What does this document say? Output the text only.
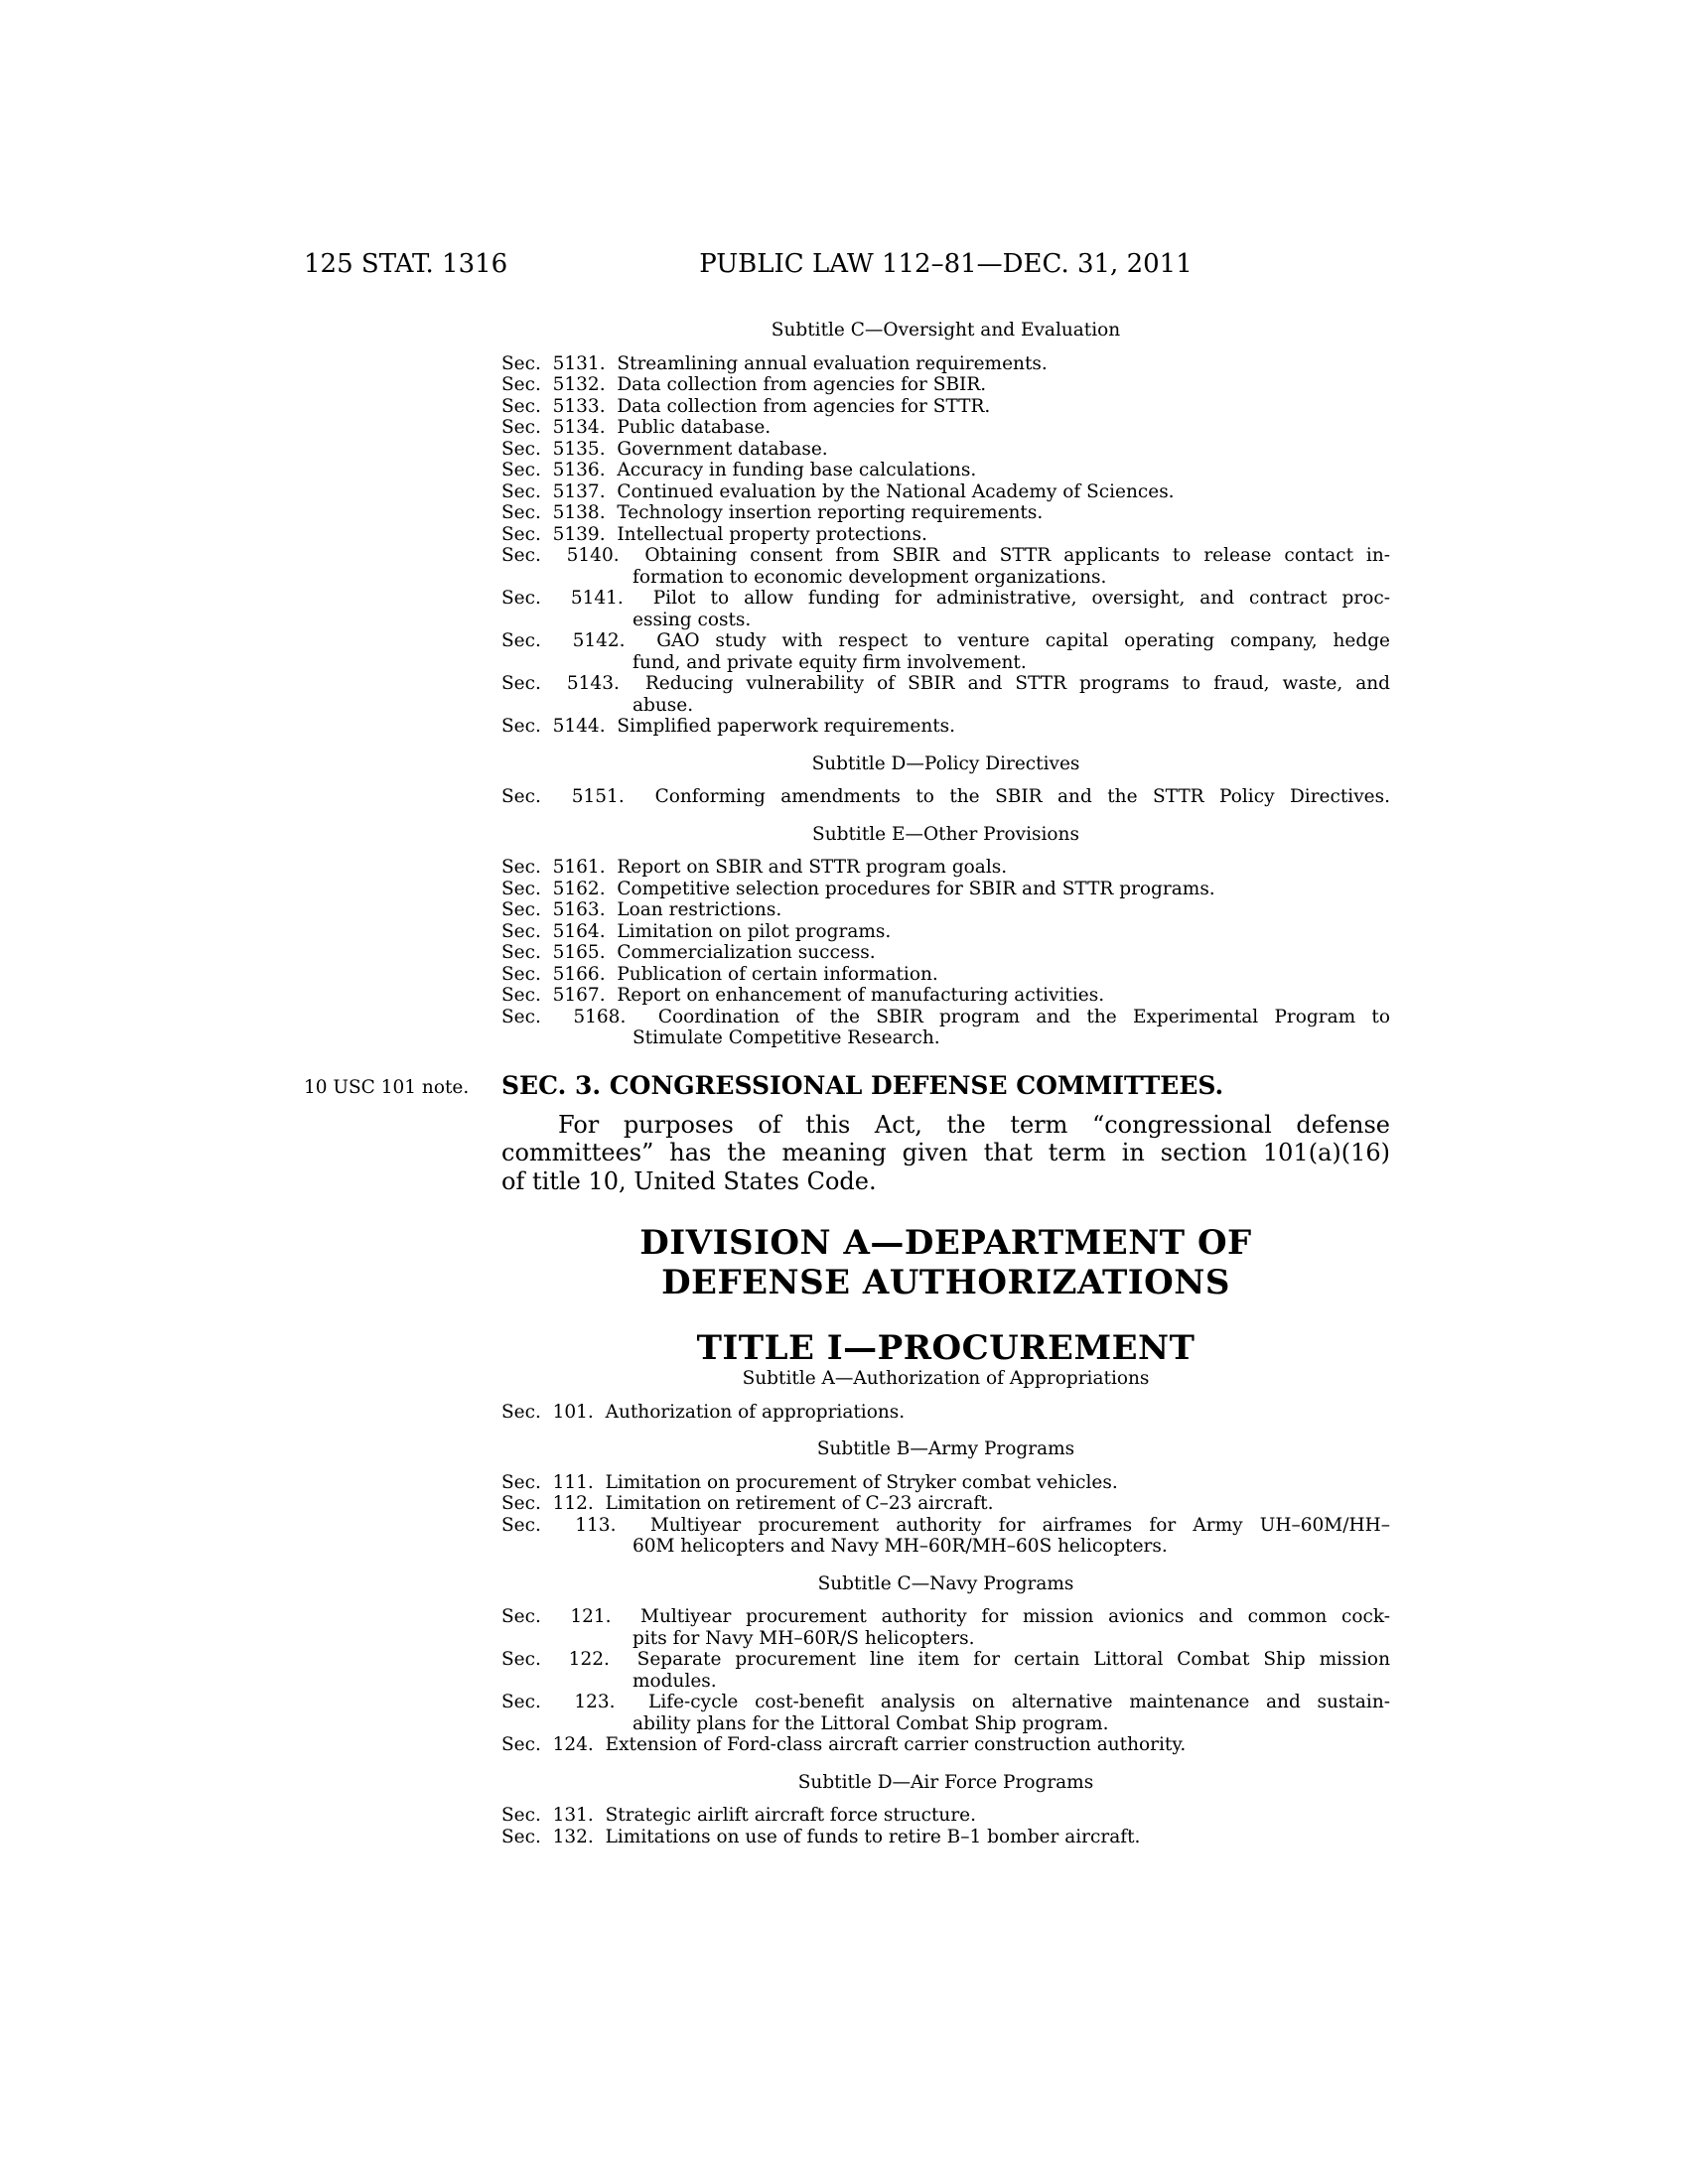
125 STAT. 1316	PUBLIC LAW 112–81—DEC. 31, 2011
10 USC 101 note.
Subtitle C—Oversight and Evaluation
Sec.  5131.  Streamlining annual evaluation requirements.
Sec.  5132.  Data collection from agencies for SBIR.
Sec.  5133.  Data collection from agencies for STTR.
Sec.  5134.  Public database.
Sec.  5135.  Government database.
Sec.  5136.  Accuracy in funding base calculations.
Sec.  5137.  Continued evaluation by the National Academy of Sciences.
Sec.  5138.  Technology insertion reporting requirements.
Sec.  5139.  Intellectual property protections.
Sec.  5140.  Obtaining consent from SBIR and STTR applicants to release contact in-
formation to economic development organizations.
Sec.  5141.  Pilot to allow funding for administrative, oversight, and contract proc-
essing costs.
Sec.  5142.  GAO study with respect to venture capital operating company, hedge
fund, and private equity firm involvement.
Sec.  5143.  Reducing vulnerability of SBIR and STTR programs to fraud, waste, and
abuse.
Sec.  5144.  Simplified paperwork requirements.
Subtitle D—Policy Directives
Sec.  5151.  Conforming amendments to the SBIR and the STTR Policy Directives.
Subtitle E—Other Provisions
Sec.  5161.  Report on SBIR and STTR program goals.
Sec.  5162.  Competitive selection procedures for SBIR and STTR programs.
Sec.  5163.  Loan restrictions.
Sec.  5164.  Limitation on pilot programs.
Sec.  5165.  Commercialization success.
Sec.  5166.  Publication of certain information.
Sec.  5167.  Report on enhancement of manufacturing activities.
Sec.  5168.  Coordination of the SBIR program and the Experimental Program to
Stimulate Competitive Research.
SEC. 3. CONGRESSIONAL DEFENSE COMMITTEES.
For purposes of this Act, the term “congressional defense
committees” has the meaning given that term in section 101(a)(16)
of title 10, United States Code.
DIVISION A—DEPARTMENT OF
DEFENSE AUTHORIZATIONS
TITLE I—PROCUREMENT
Subtitle A—Authorization of Appropriations
Sec.  101.  Authorization of appropriations.
Subtitle B—Army Programs
Sec.  111.  Limitation on procurement of Stryker combat vehicles.
Sec.  112.  Limitation on retirement of C–23 aircraft.
Sec.  113.  Multiyear procurement authority for airframes for Army UH–60M/HH–
60M helicopters and Navy MH–60R/MH–60S helicopters.
Subtitle C—Navy Programs
Sec.  121.  Multiyear procurement authority for mission avionics and common cock-
pits for Navy MH–60R/S helicopters.
Sec.  122.  Separate procurement line item for certain Littoral Combat Ship mission
modules.
Sec.  123.  Life-cycle cost-benefit analysis on alternative maintenance and sustain-
ability plans for the Littoral Combat Ship program.
Sec.  124.  Extension of Ford-class aircraft carrier construction authority.
Subtitle D—Air Force Programs
Sec.  131.  Strategic airlift aircraft force structure.
Sec.  132.  Limitations on use of funds to retire B–1 bomber aircraft.
